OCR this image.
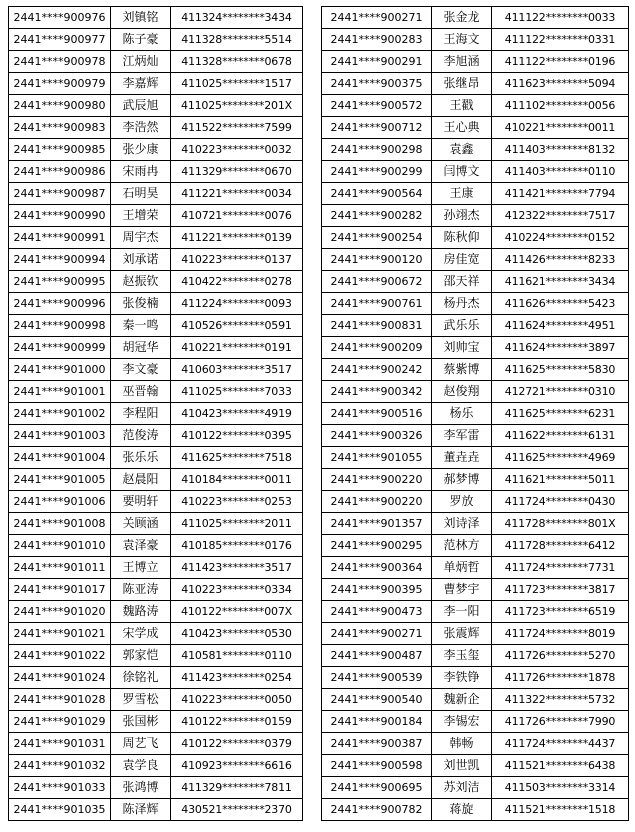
2441****900976	刘镇铭	411324********3434
2441****900977	陈子豪	411328********5514
2441****900978	江炳灿	411328********0678
2441****900979	李嘉辉	411025********1517
2441****900980	武辰旭	411025********201X
2441****900983	李浩然	411522********7599
2441****900985	张少康	410223********0032
2441****900986	宋雨冉	411329********0670
2441****900987	石明昊	411221********0034
2441****900990	王增荣	410721********0076
2441****900991	周宇杰	411221********0139
2441****900994	刘承诺	410223********0137
2441****900995	赵振钦	410422********0278
2441****900996	张俊楠	411224********0093
2441****900998	秦一鸣	410526********0591
2441****900999	胡冠华	410221********0191
2441****901000	李文豪	410603********3517
2441****901001	巫晋翰	411025********7033
2441****901002	李程阳	410423********4919
2441****901003	范俊涛	410122********0395
2441****901004	张乐乐	411625********7518
2441****901005	赵晨阳	410184********0011
2441****901006	要明轩	410223********0253
2441****901008	关顾涵	411025********2011
2441****901010	袁泽豪	410185********0176
2441****901011	王博立	411423********3517
2441****901017	陈亚涛	410223********0334
2441****901020	魏路涛	410122********007X
2441****901021	宋学成	410423********0530
2441****901022	郭家恺	410581********0110
2441****901024	徐铭礼	411423********0254
2441****901028	罗雪松	410223********0050
2441****901029	张国彬	410122********0159
2441****901031	周艺飞	410122********0379
2441****901032	袁学良	410923********6616
2441****901033	张鸿博	411329********7811
2441****901035	陈泽辉	430521********2370
2441****900271	张金龙	411122********0033
2441****900283	王海文	411122********0331
2441****900291	李旭涵	411122********0196
2441****900375	张继昂	411623********5094
2441****900572	王戳	411102********0056
2441****900712	王心典	410221********0011
2441****900298	袁鑫	411403********8132
2441****900299	闫博文	411403********0110
2441****900564	王康	411421********7794
2441****900282	孙翊杰	412322********7517
2441****900254	陈秋仰	410224********0152
2441****900120	房佳宽	411426********8233
2441****900672	邵天祥	411621********3434
2441****900761	杨丹杰	411626********5423
2441****900831	武乐乐	411624********4951
2441****900209	刘帅宝	411624********3897
2441****900242	蔡紫博	411625********5830
2441****900342	赵俊翔	412721********0310
2441****900516	杨乐	411625********6231
2441****900326	李军雷	411622********6131
2441****901055	董垚垚	411625********4969
2441****900220	郝梦博	411621********5011
2441****900220	罗放	411724********0430
2441****901357	刘诗泽	411728********801X
2441****900295	范林方	411728********6412
2441****900364	单炳哲	411724********7731
2441****900395	曹梦宇	411723********3817
2441****900473	李一阳	411723********6519
2441****900271	张震辉	411724********8019
2441****900487	李玉玺	411726********5270
2441****900539	李铁铮	411726********1878
2441****900540	魏新企	411322********5732
2441****900184	李锡宏	411726********7990
2441****900387	韩畅	411724********4437
2441****900598	刘世凯	411521********6438
2441****900695	苏刘洁	411503********3314
2441****900782	蒋旋	411521********1518
